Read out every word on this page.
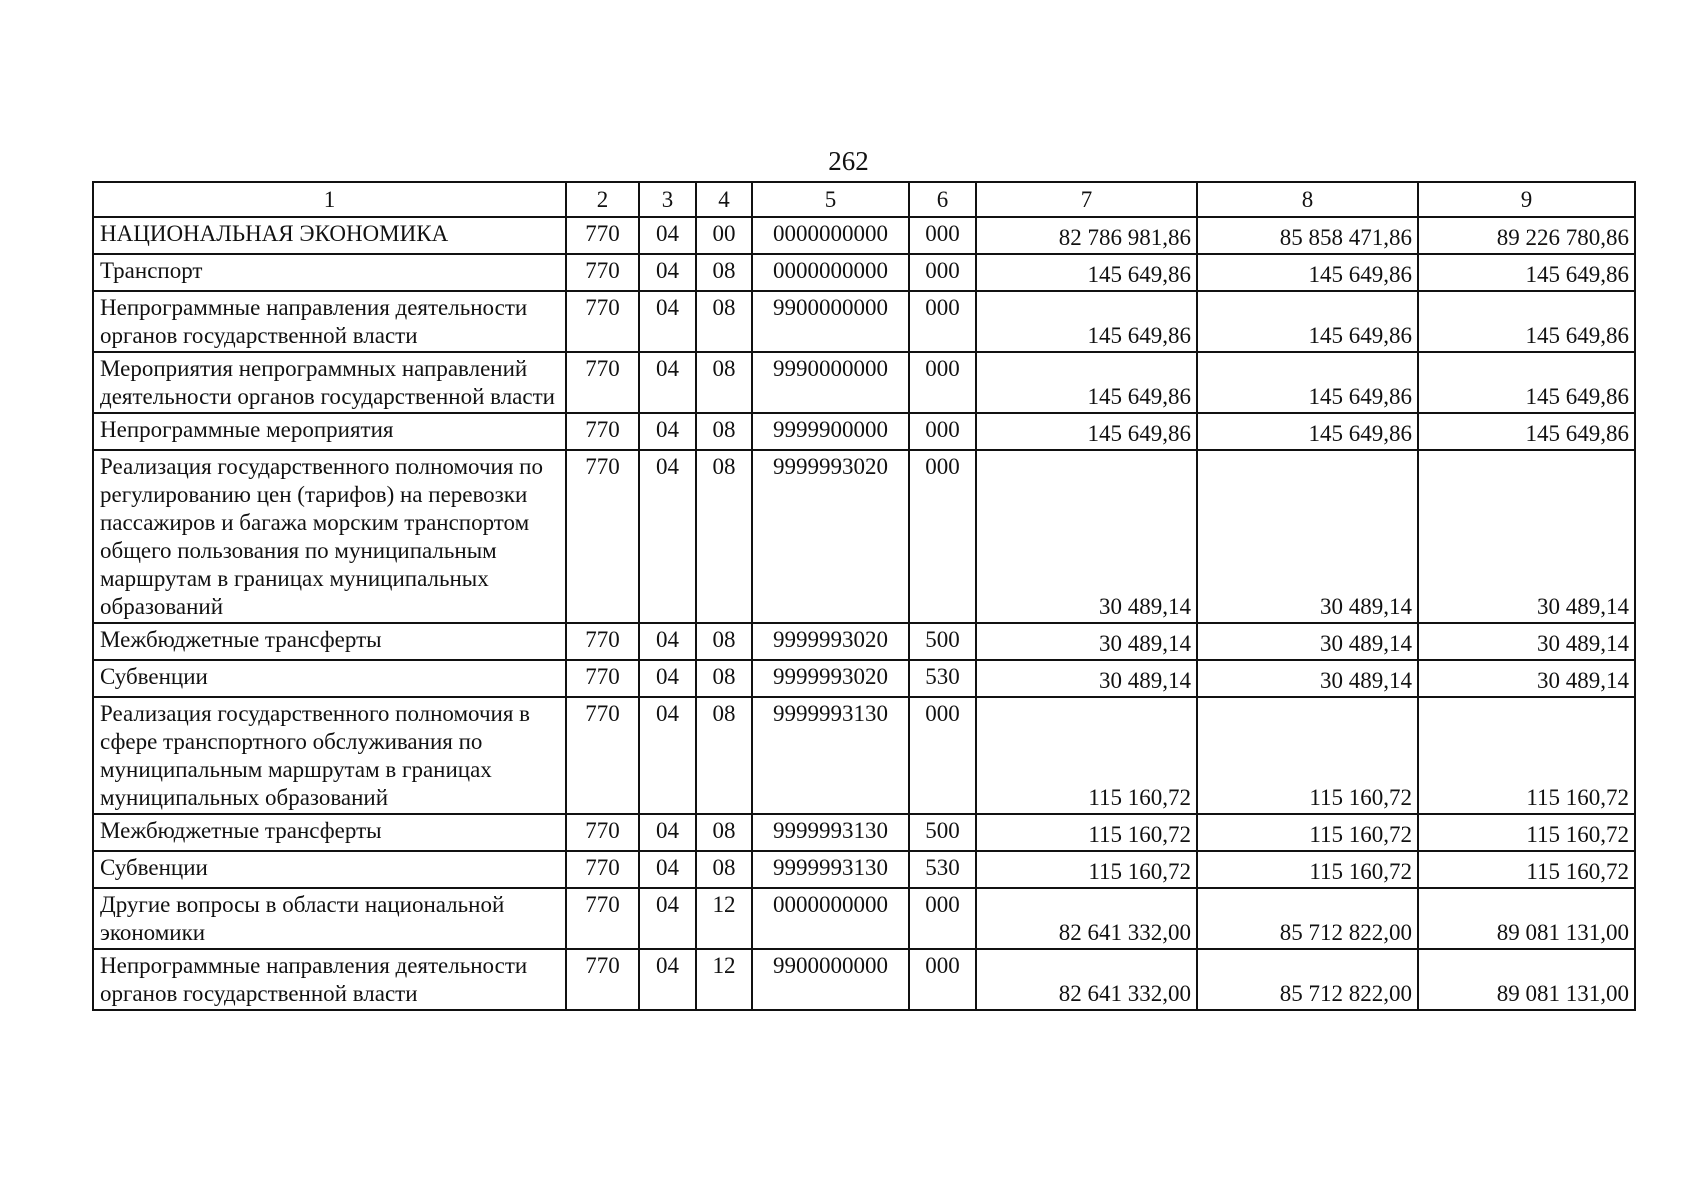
262
1	2	3	4	5	6	7	8	9
НАЦИОНАЛЬНАЯ ЭКОНОМИКА	770	04	00	0000000000	000	82 786 981,86	85 858 471,86	89 226 780,86
Транспорт	770	04	08	0000000000	000	145 649,86	145 649,86	145 649,86
Непрограммные направления деятельности органов государственной власти	770	04	08	9900000000	000	145 649,86	145 649,86	145 649,86
Мероприятия непрограммных направлений деятельности органов государственной власти	770	04	08	9990000000	000	145 649,86	145 649,86	145 649,86
Непрограммные мероприятия	770	04	08	9999900000	000	145 649,86	145 649,86	145 649,86
Реализация государственного полномочия по регулированию цен (тарифов) на перевозки пассажиров и багажа морским транспортом общего пользования по муниципальным маршрутам в границах муниципальных образований	770	04	08	9999993020	000	30 489,14	30 489,14	30 489,14
Межбюджетные трансферты	770	04	08	9999993020	500	30 489,14	30 489,14	30 489,14
Субвенции	770	04	08	9999993020	530	30 489,14	30 489,14	30 489,14
Реализация государственного полномочия в сфере транспортного обслуживания по муниципальным маршрутам в границах муниципальных образований	770	04	08	9999993130	000	115 160,72	115 160,72	115 160,72
Межбюджетные трансферты	770	04	08	9999993130	500	115 160,72	115 160,72	115 160,72
Субвенции	770	04	08	9999993130	530	115 160,72	115 160,72	115 160,72
Другие вопросы в области национальной экономики	770	04	12	0000000000	000	82 641 332,00	85 712 822,00	89 081 131,00
Непрограммные направления деятельности органов государственной власти	770	04	12	9900000000	000	82 641 332,00	85 712 822,00	89 081 131,00
